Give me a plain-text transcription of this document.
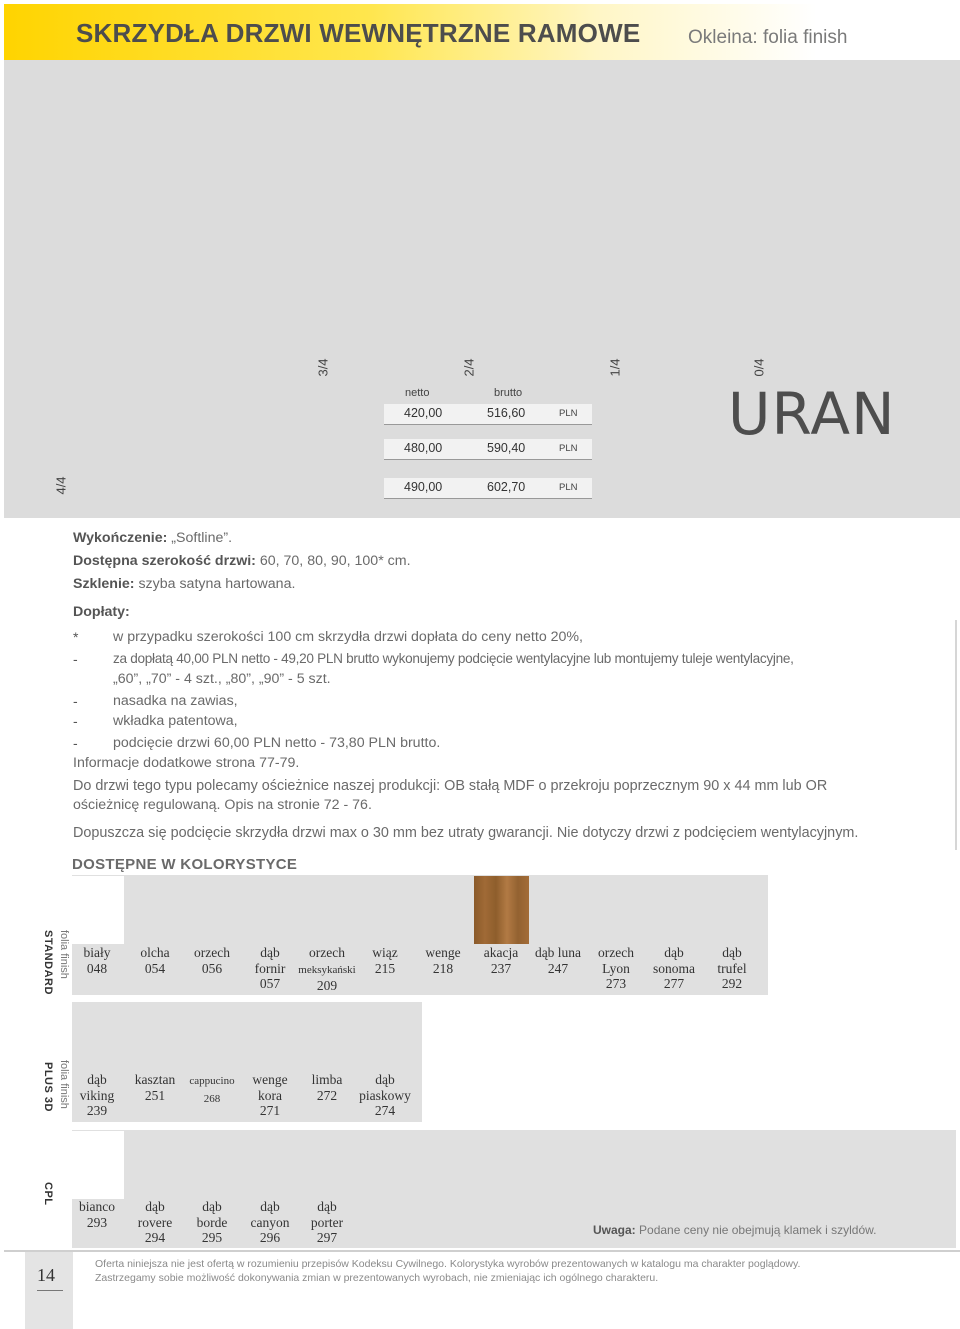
SKRZYDŁA DRZWI WEWNĘTRZNE RAMOWE	Okleina: folia finish
4/4
3/4	2/4	1/4	0/4
URAN
netto	brutto
420,00	516,60	PLN
480,00	590,40	PLN
490,00	602,70	PLN
Wykończenie: „Softline”.
Dostępna szerokość drzwi: 60, 70, 80, 90, 100* cm.
Szklenie: szyba satyna hartowana.
Dopłaty:
* w przypadku szerokości 100 cm skrzydła drzwi dopłata do ceny netto 20%,
-	za dopłatą 40,00 PLN netto - 49,20 PLN brutto wykonujemy podcięcie wentylacyjne lub montujemy tuleje wentylacyjne,
„60”, „70” - 4 szt., „80”, „90” - 5 szt.
- nasadka na zawias,
- wkładka patentowa,
- podcięcie drzwi 60,00 PLN netto - 73,80 PLN brutto.
Informacje dodatkowe strona 77-79.
Do drzwi tego typu polecamy ościeżnice naszej produkcji: OB stałą MDF o przekroju poprzecznym 90 x 44 mm lub OR
ościeżnicę regulowaną. Opis na stronie 72 - 76.
Dopuszcza się podcięcie skrzydła drzwi max o 30 mm bez utraty gwarancji. Nie dotyczy drzwi z podcięciem wentylacyjnym.
DOSTĘPNE W KOLORYSTYCE
folia finish
STANDARD	biały
048
olcha
054
orzech
056
dąb
fornir
057
orzech
meksykański
209
wiąz
215
wenge
218
akacja
237
dąb luna
247
orzech
Lyon
273
dąb
sonoma
277
dąb
trufel
292
folia finish
PLUS 3D	dąb
viking
239
kasztan
251
cappucino
268
wenge
kora
271
limba
272
dąb
piaskowy
274
CPL
bianco
293
dąb
rovere
294
dąb
borde
295
dąb
canyon
296
dąb
porter
297	Uwaga: Podane ceny nie obejmują klamek i szyldów.
14
Oferta niniejsza nie jest ofertą w rozumieniu przepisów Kodeksu Cywilnego. Kolorystyka wyrobów prezentowanych w katalogu ma charakter poglądowy.
Zastrzegamy sobie możliwość dokonywania zmian w prezentowanych wyrobach, nie zmieniając ich ogólnego charakteru.
